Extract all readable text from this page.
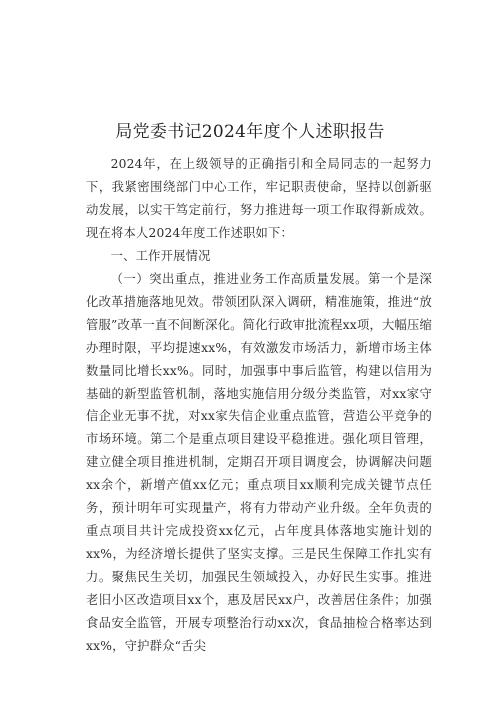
局党委书记2024年度个人述职报告
2024年，在上级领导的正确指引和全局同志的一起努力下，我紧密围绕部门中心工作，牢记职责使命，坚持以创新驱动发展，以实干笃定前行，努力推进每一项工作取得新成效。现在将本人2024年度工作述职如下：
一、工作开展情况
（一）突出重点，推进业务工作高质量发展。第一个是深化改革措施落地见效。带领团队深入调研，精准施策，推进“放管服”改革一直不间断深化。简化行政审批流程xx项，大幅压缩办理时限，平均提速xx%，有效激发市场活力，新增市场主体数量同比增长xx%。同时，加强事中事后监管，构建以信用为基础的新型监管机制，落地实施信用分级分类监管，对xx家守信企业无事不扰，对xx家失信企业重点监管，营造公平竞争的市场环境。第二个是重点项目建设平稳推进。强化项目管理，建立健全项目推进机制，定期召开项目调度会，协调解决问题xx余个，新增产值xx亿元；重点项目xx顺利完成关键节点任务，预计明年可实现量产，将有力带动产业升级。全年负责的重点项目共计完成投资xx亿元，占年度具体落地实施计划的xx%，为经济增长提供了坚实支撑。三是民生保障工作扎实有力。聚焦民生关切，加强民生领域投入，办好民生实事。推进老旧小区改造项目xx个，惠及居民xx户，改善居住条件；加强食品安全监管，开展专项整治行动xx次，食品抽检合格率达到xx%，守护群众“舌尖
